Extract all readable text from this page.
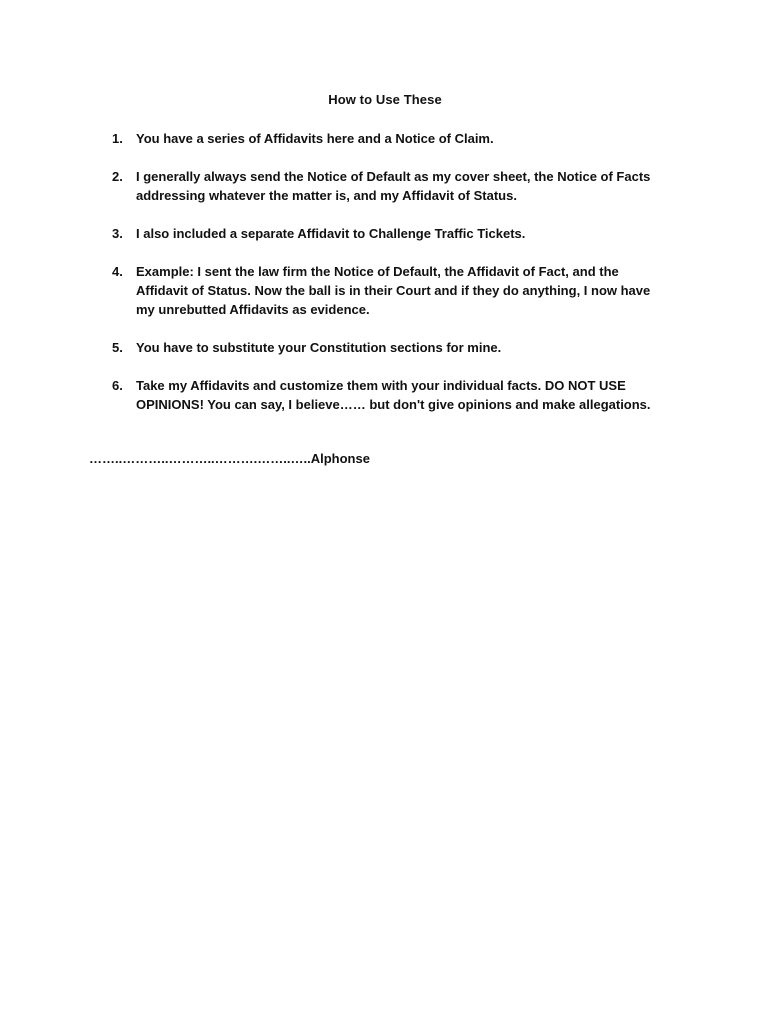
How to Use These
1. You have a series of Affidavits here and a Notice of Claim.
2. I generally always send the Notice of Default as my cover sheet, the Notice of Facts addressing whatever the matter is, and my Affidavit of Status.
3. I also included a separate Affidavit to Challenge Traffic Tickets.
4. Example: I sent the law firm the Notice of Default, the Affidavit of Fact, and the Affidavit of Status. Now the ball is in their Court and if they do anything, I now have my unrebutted Affidavits as evidence.
5. You have to substitute your Constitution sections for mine.
6. Take my Affidavits and customize them with your individual facts. DO NOT USE OPINIONS! You can say, I believe…… but don't give opinions and make allegations.
……..………..………..……….……..…..Alphonse
